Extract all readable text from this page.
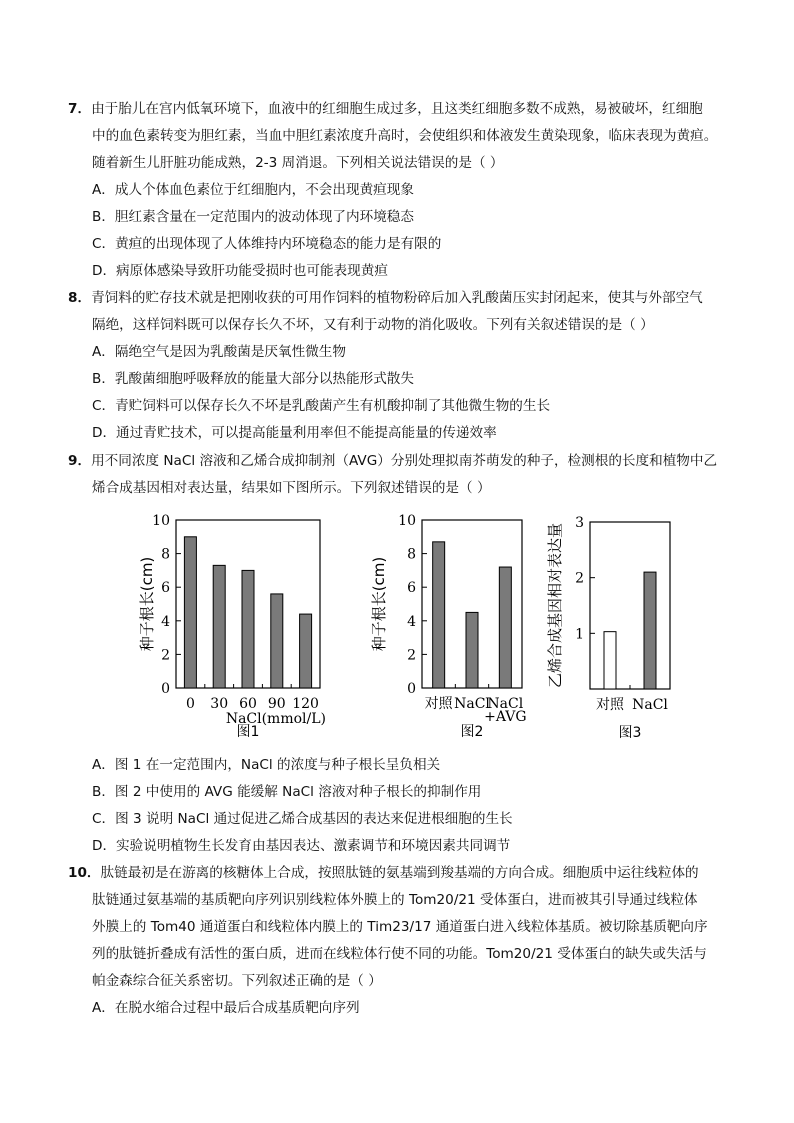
7．由于胎儿在宫内低氧环境下，血液中的红细胞生成过多，且这类红细胞多数不成熟，易被破坏，红细胞
中的血色素转变为胆红素，当血中胆红素浓度升高时，会使组织和体液发生黄染现象，临床表现为黄疸。
随着新生儿肝脏功能成熟，2-3 周消退。下列相关说法错误的是（ ）
A．成人个体血色素位于红细胞内，不会出现黄疸现象
B．胆红素含量在一定范围内的波动体现了内环境稳态
C．黄疸的出现体现了人体维持内环境稳态的能力是有限的
D．病原体感染导致肝功能受损时也可能表现黄疸
8．青饲料的贮存技术就是把刚收获的可用作饲料的植物粉碎后加入乳酸菌压实封闭起来，使其与外部空气
隔绝，这样饲料既可以保存长久不坏，又有利于动物的消化吸收。下列有关叙述错误的是（ ）
A．隔绝空气是因为乳酸菌是厌氧性微生物
B．乳酸菌细胞呼吸释放的能量大部分以热能形式散失
C．青贮饲料可以保存长久不坏是乳酸菌产生有机酸抑制了其他微生物的生长
D．通过青贮技术，可以提高能量利用率但不能提高能量的传递效率
9．用不同浓度 NaCl 溶液和乙烯合成抑制剂（AVG）分别处理拟南芥萌发的种子，检测根的长度和植物中乙
烯合成基因相对表达量，结果如下图所示。下列叙述错误的是（ ）
0
2
4
6
8
10
0 30 60 90 120
种子根长(cm)
NaCl(mmol/L)
图1
0
2
4
6
8
10
对照 NaCl
NaCl
+AVG
种子根长(cm)
图2
1
2
3
对照 NaCl
乙烯合成基因相对表达量
图3
A．图 1 在一定范围内，NaCl 的浓度与种子根长呈负相关
B．图 2 中使用的 AVG 能缓解 NaCl 溶液对种子根长的抑制作用
C．图 3 说明 NaCl 通过促进乙烯合成基因的表达来促进根细胞的生长
D．实验说明植物生长发育由基因表达、激素调节和环境因素共同调节
10．肽链最初是在游离的核糖体上合成，按照肽链的氨基端到羧基端的方向合成。细胞质中运往线粒体的
肽链通过氨基端的基质靶向序列识别线粒体外膜上的 Tom20/21 受体蛋白，进而被其引导通过线粒体
外膜上的 Tom40 通道蛋白和线粒体内膜上的 Tim23/17 通道蛋白进入线粒体基质。被切除基质靶向序
列的肽链折叠成有活性的蛋白质，进而在线粒体行使不同的功能。Tom20/21 受体蛋白的缺失或失活与
帕金森综合征关系密切。下列叙述正确的是（ ）
A．在脱水缩合过程中最后合成基质靶向序列
